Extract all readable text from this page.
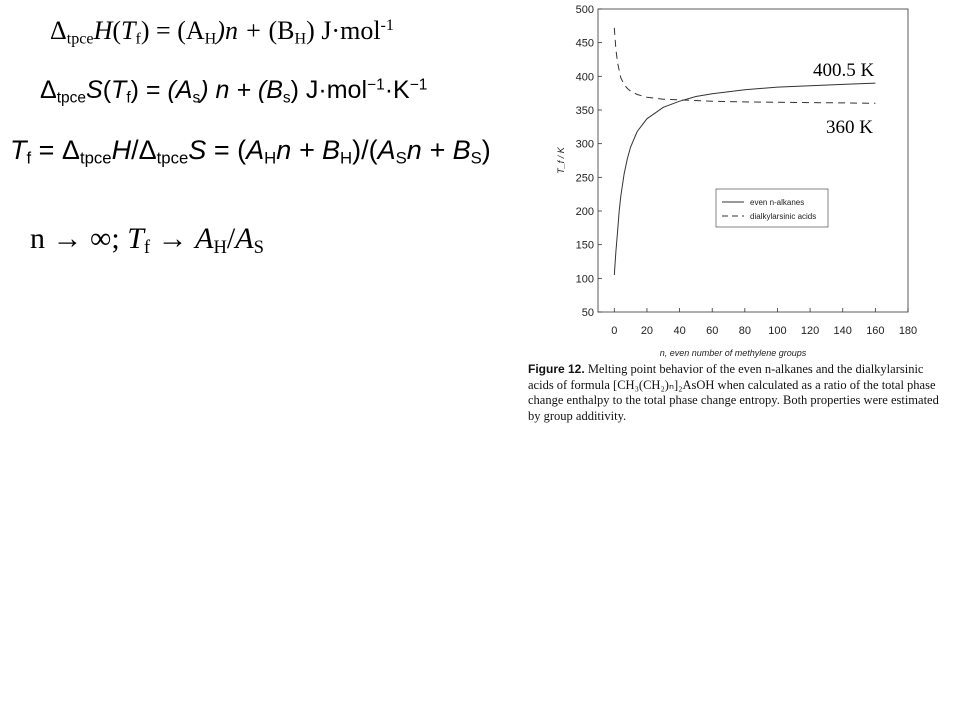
$\Delta_{tpce}H(T_f) = (A_H)n + (B_H)$ J·mol$^{-1}$
$\Delta_{tpce}S(T_f) = (A_s) n + (B_s)$ $J\cdot mol^{-1}\cdot K^{-1}$
$T_f = \Delta_{tpce}H/\Delta_{tpce}S = (A_Hn + B_H)/(A_Sn + B_S)$
n → ∞; $T_f \to A_H/A_S$
50
100
150
200
250
300
350
400
450
500
0 20 40 60 80 100 120 140 160 180
T_f / K
n, even number of methylene groups
even n-alkanes
dialkylarsinic acids
400.5 K
360 K
Figure 12. Melting point behavior of the even n-alkanes and the dialkylarsinic acids of formula [CH₃(CH₂)ₙ]₂AsOH when calculated as a ratio of the total phase change enthalpy to the total phase change entropy. Both properties were estimated by group additivity.
